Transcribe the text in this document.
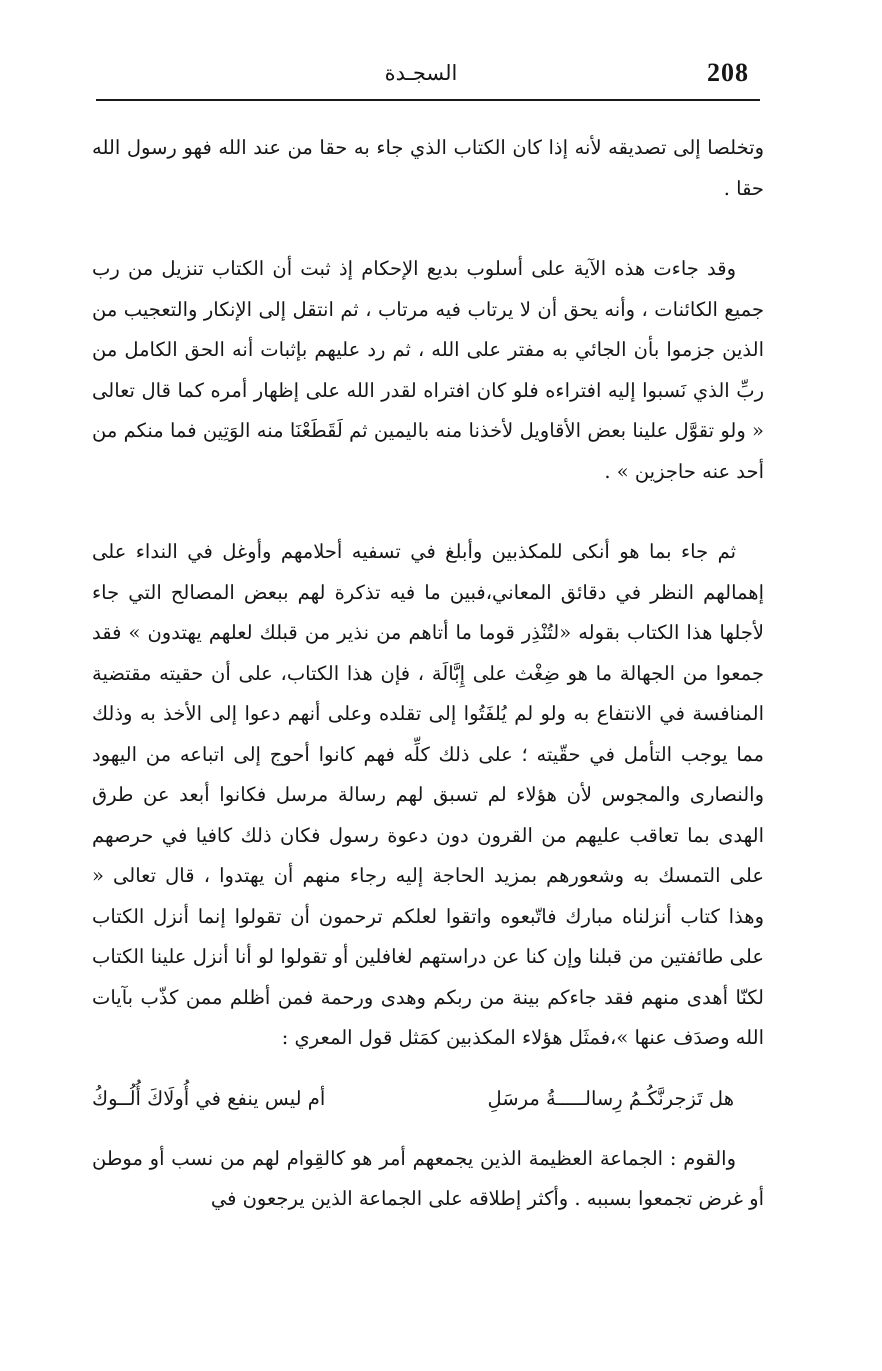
208
السجـدة

وتخلصا إلى تصديقه لأنه إذا كان الكتاب الذي جاء به حقا من عند الله فهو رسول الله حقا .

وقد جاءت هذه الآية على أسلوب بديع الإحكام إذ ثبت أن الكتاب تنزيل من رب جميع الكائنات ، وأنه يحق أن لا يرتاب فيه مرتاب ، ثم انتقل إلى الإنكار والتعجيب من الذين جزموا بأن الجائي به مفتر على الله ، ثم رد عليهم بإثبات أنه الحق الكامل من ربِّ الذي نَسبوا إليه افتراءه فلو كان افتراه لقدر الله على إظهار أمره كما قال تعالى « ولو تقوَّل علينا بعض الأقاويل لأخذنا منه باليمين ثم لَقَطَعْنَا منه الوَتِين فما منكم من أحد عنه حاجزين » .

ثم جاء بما هو أنكى للمكذبين وأبلغ في تسفيه أحلامهم وأوغل في النداء على إهمالهم النظر في دقائق المعاني،فبين ما فيه تذكرة لهم ببعض المصالح التي جاء لأجلها هذا الكتاب بقوله «لتُنْذِر قوما ما أتاهم من نذير من قبلك لعلهم يهتدون » فقد جمعوا من الجهالة ما هو ضِغْث على إِبَّالَة ، فإن هذا الكتاب، على أن حقيته مقتضية المنافسة في الانتفاع به ولو لم يُلفَتُوا إلى تقلده وعلى أنهم دعوا إلى الأخذ به وذلك مما يوجب التأمل في حقّيته ؛ على ذلك كلِّه فهم كانوا أحوج إلى اتباعه من اليهود والنصارى والمجوس لأن هؤلاء لم تسبق لهم رسالة مرسل فكانوا أبعد عن طرق الهدى بما تعاقب عليهم من القرون دون دعوة رسول فكان ذلك كافيا في حرصهم على التمسك به وشعورهم بمزيد الحاجة إليه رجاء منهم أن يهتدوا ، قال تعالى « وهذا كتاب أنزلناه مبارك فاتّبعوه واتقوا لعلكم ترحمون أن تقولوا إنما أنزل الكتاب على طائفتين من قبلنا وإن كنا عن دراستهم لغافلين أو تقولوا لو أنا أنزل علينا الكتاب لكنّا أهدى منهم فقد جاءكم بينة من ربكم وهدى ورحمة فمن أظلم ممن كذّب بآيات الله وصدَف عنها »،فمثَل هؤلاء المكذبين كمَثل قول المعري :

هل تَزجرنَّكُـمُ رِسالـــــةُ مرسَلِ
أم ليس ينفع في أُولَاكَ أُلُــوكُ

والقوم : الجماعة العظيمة الذين يجمعهم أمر هو كالقِوام لهم من نسب أو موطن أو غرض تجمعوا بسببه . وأكثر إطلاقه على الجماعة الذين يرجعون في
